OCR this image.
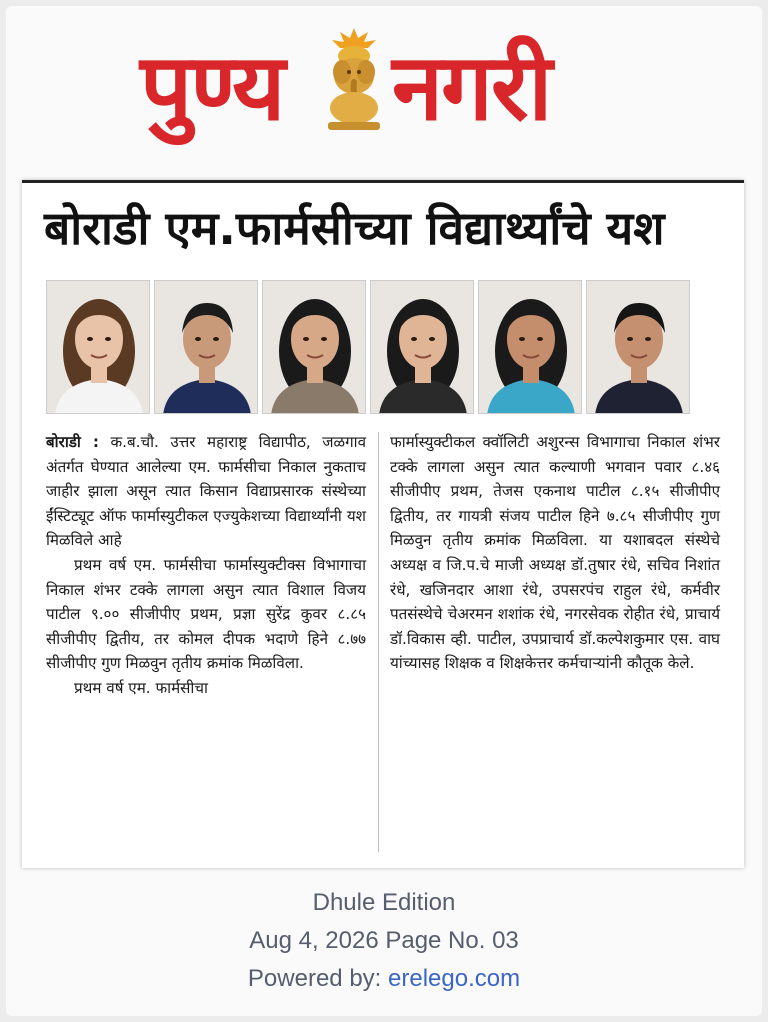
पुण्य नगरी
बोराडी एम.फार्मसीच्या विद्यार्थ्यांचे यश

बोराडी : क.ब.चौ. उत्तर महाराष्ट्र विद्यापीठ, जळगाव अंतर्गत घेण्यात आलेल्या एम. फार्मसीचा निकाल नुकताच जाहीर झाला असून त्यात किसान विद्याप्रसारक संस्थेच्या ईंस्टिट्यूट ऑफ फार्मास्युटीकल एज्युकेशच्या विद्यार्थ्यांनी यश मिळविले आहे

प्रथम वर्ष एम. फार्मसीचा फार्मास्युक्टीक्स विभागाचा निकाल शंभर टक्के लागला असुन त्यात विशाल विजय पाटील ९.०० सीजीपीए प्रथम, प्रज्ञा सुरेंद्र कुवर ८.८५ सीजीपीए द्वितीय, तर कोमल दीपक भदाणे हिने ८.७७ सीजीपीए गुण मिळवुन तृतीय क्रमांक मिळविला.

प्रथम वर्ष एम. फार्मसीचा

फार्मास्युक्टीकल क्वॉलिटी अशुरन्स विभागाचा निकाल शंभर टक्के लागला असुन त्यात कल्याणी भगवान पवार ८.४६ सीजीपीए प्रथम, तेजस एकनाथ पाटील ८.१५ सीजीपीए द्वितीय, तर गायत्री संजय पाटील हिने ७.८५ सीजीपीए गुण मिळवुन तृतीय क्रमांक मिळविला. या यशाबदल संस्थेचे अध्यक्ष व जि.प.चे माजी अध्यक्ष डॉ.तुषार रंधे, सचिव निशांत रंधे, खजिनदार आशा रंधे, उपसरपंच राहुल रंधे, कर्मवीर पतसंस्थेचे चेअरमन शशांक रंधे, नगरसेवक रोहीत रंधे, प्राचार्य डॉ.विकास व्ही. पाटील, उपप्राचार्य डॉ.कल्पेशकुमार एस. वाघ यांच्यासह शिक्षक व शिक्षकेत्तर कर्मचाऱ्यांनी कौतूक केले.

Dhule Edition
Aug 4, 2026 Page No. 03
Powered by: erelego.com
